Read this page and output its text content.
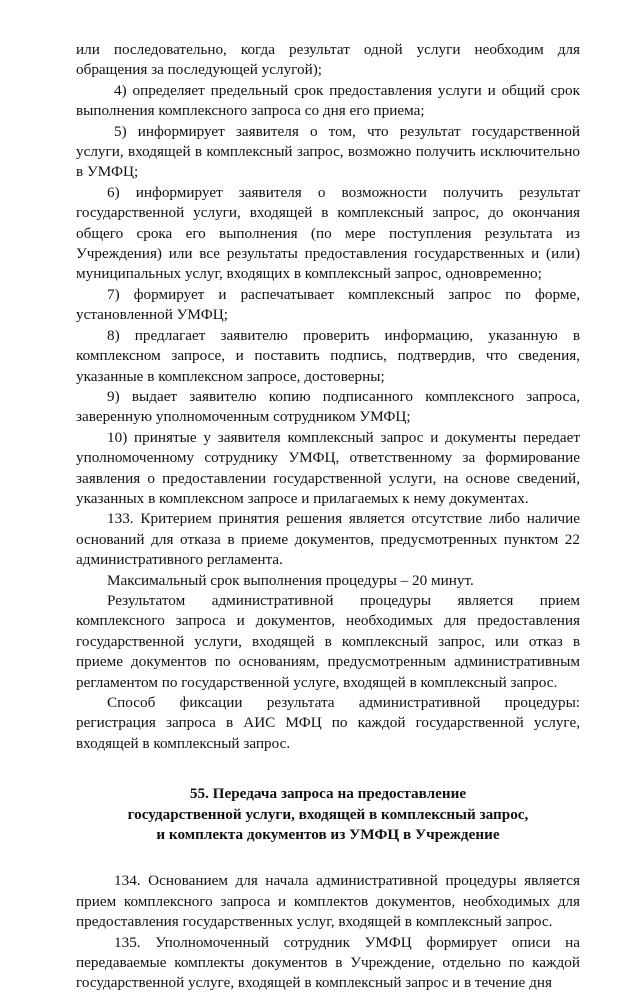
или последовательно, когда результат одной услуги необходим для обращения за последующей услугой);

4) определяет предельный срок предоставления услуги и общий срок выполнения комплексного запроса со дня его приема;

5) информирует заявителя о том, что результат государственной услуги, входящей в комплексный запрос, возможно получить исключительно в УМФЦ;

6) информирует заявителя о возможности получить результат государственной услуги, входящей в комплексный запрос, до окончания общего срока его выполнения (по мере поступления результата из Учреждения) или все результаты предоставления государственных и (или) муниципальных услуг, входящих в комплексный запрос, одновременно;

7) формирует и распечатывает комплексный запрос по форме, установленной УМФЦ;

8) предлагает заявителю проверить информацию, указанную в комплексном запросе, и поставить подпись, подтвердив, что сведения, указанные в комплексном запросе, достоверны;

9) выдает заявителю копию подписанного комплексного запроса, заверенную уполномоченным сотрудником УМФЦ;

10) принятые у заявителя комплексный запрос и документы передает уполномоченному сотруднику УМФЦ, ответственному за формирование заявления о предоставлении государственной услуги, на основе сведений, указанных в комплексном запросе и прилагаемых к нему документах.

133. Критерием принятия решения является отсутствие либо наличие оснований для отказа в приеме документов, предусмотренных пунктом 22 административного регламента.

Максимальный срок выполнения процедуры – 20 минут.

Результатом административной процедуры является прием комплексного запроса и документов, необходимых для предоставления государственной услуги, входящей в комплексный запрос, или отказ в приеме документов по основаниям, предусмотренным административным регламентом по государственной услуге, входящей в комплексный запрос.

Способ фиксации результата административной процедуры: регистрация запроса в АИС МФЦ по каждой государственной услуге, входящей в комплексный запрос.

55. Передача запроса на предоставление
государственной услуги, входящей в комплексный запрос,
и комплекта документов из УМФЦ в Учреждение

134. Основанием для начала административной процедуры является прием комплексного запроса и комплектов документов, необходимых для предоставления государственных услуг, входящей в комплексный запрос.

135. Уполномоченный сотрудник УМФЦ формирует описи на передаваемые комплекты документов в Учреждение, отдельно по каждой государственной услуге, входящей в комплексный запрос и в течение дня
